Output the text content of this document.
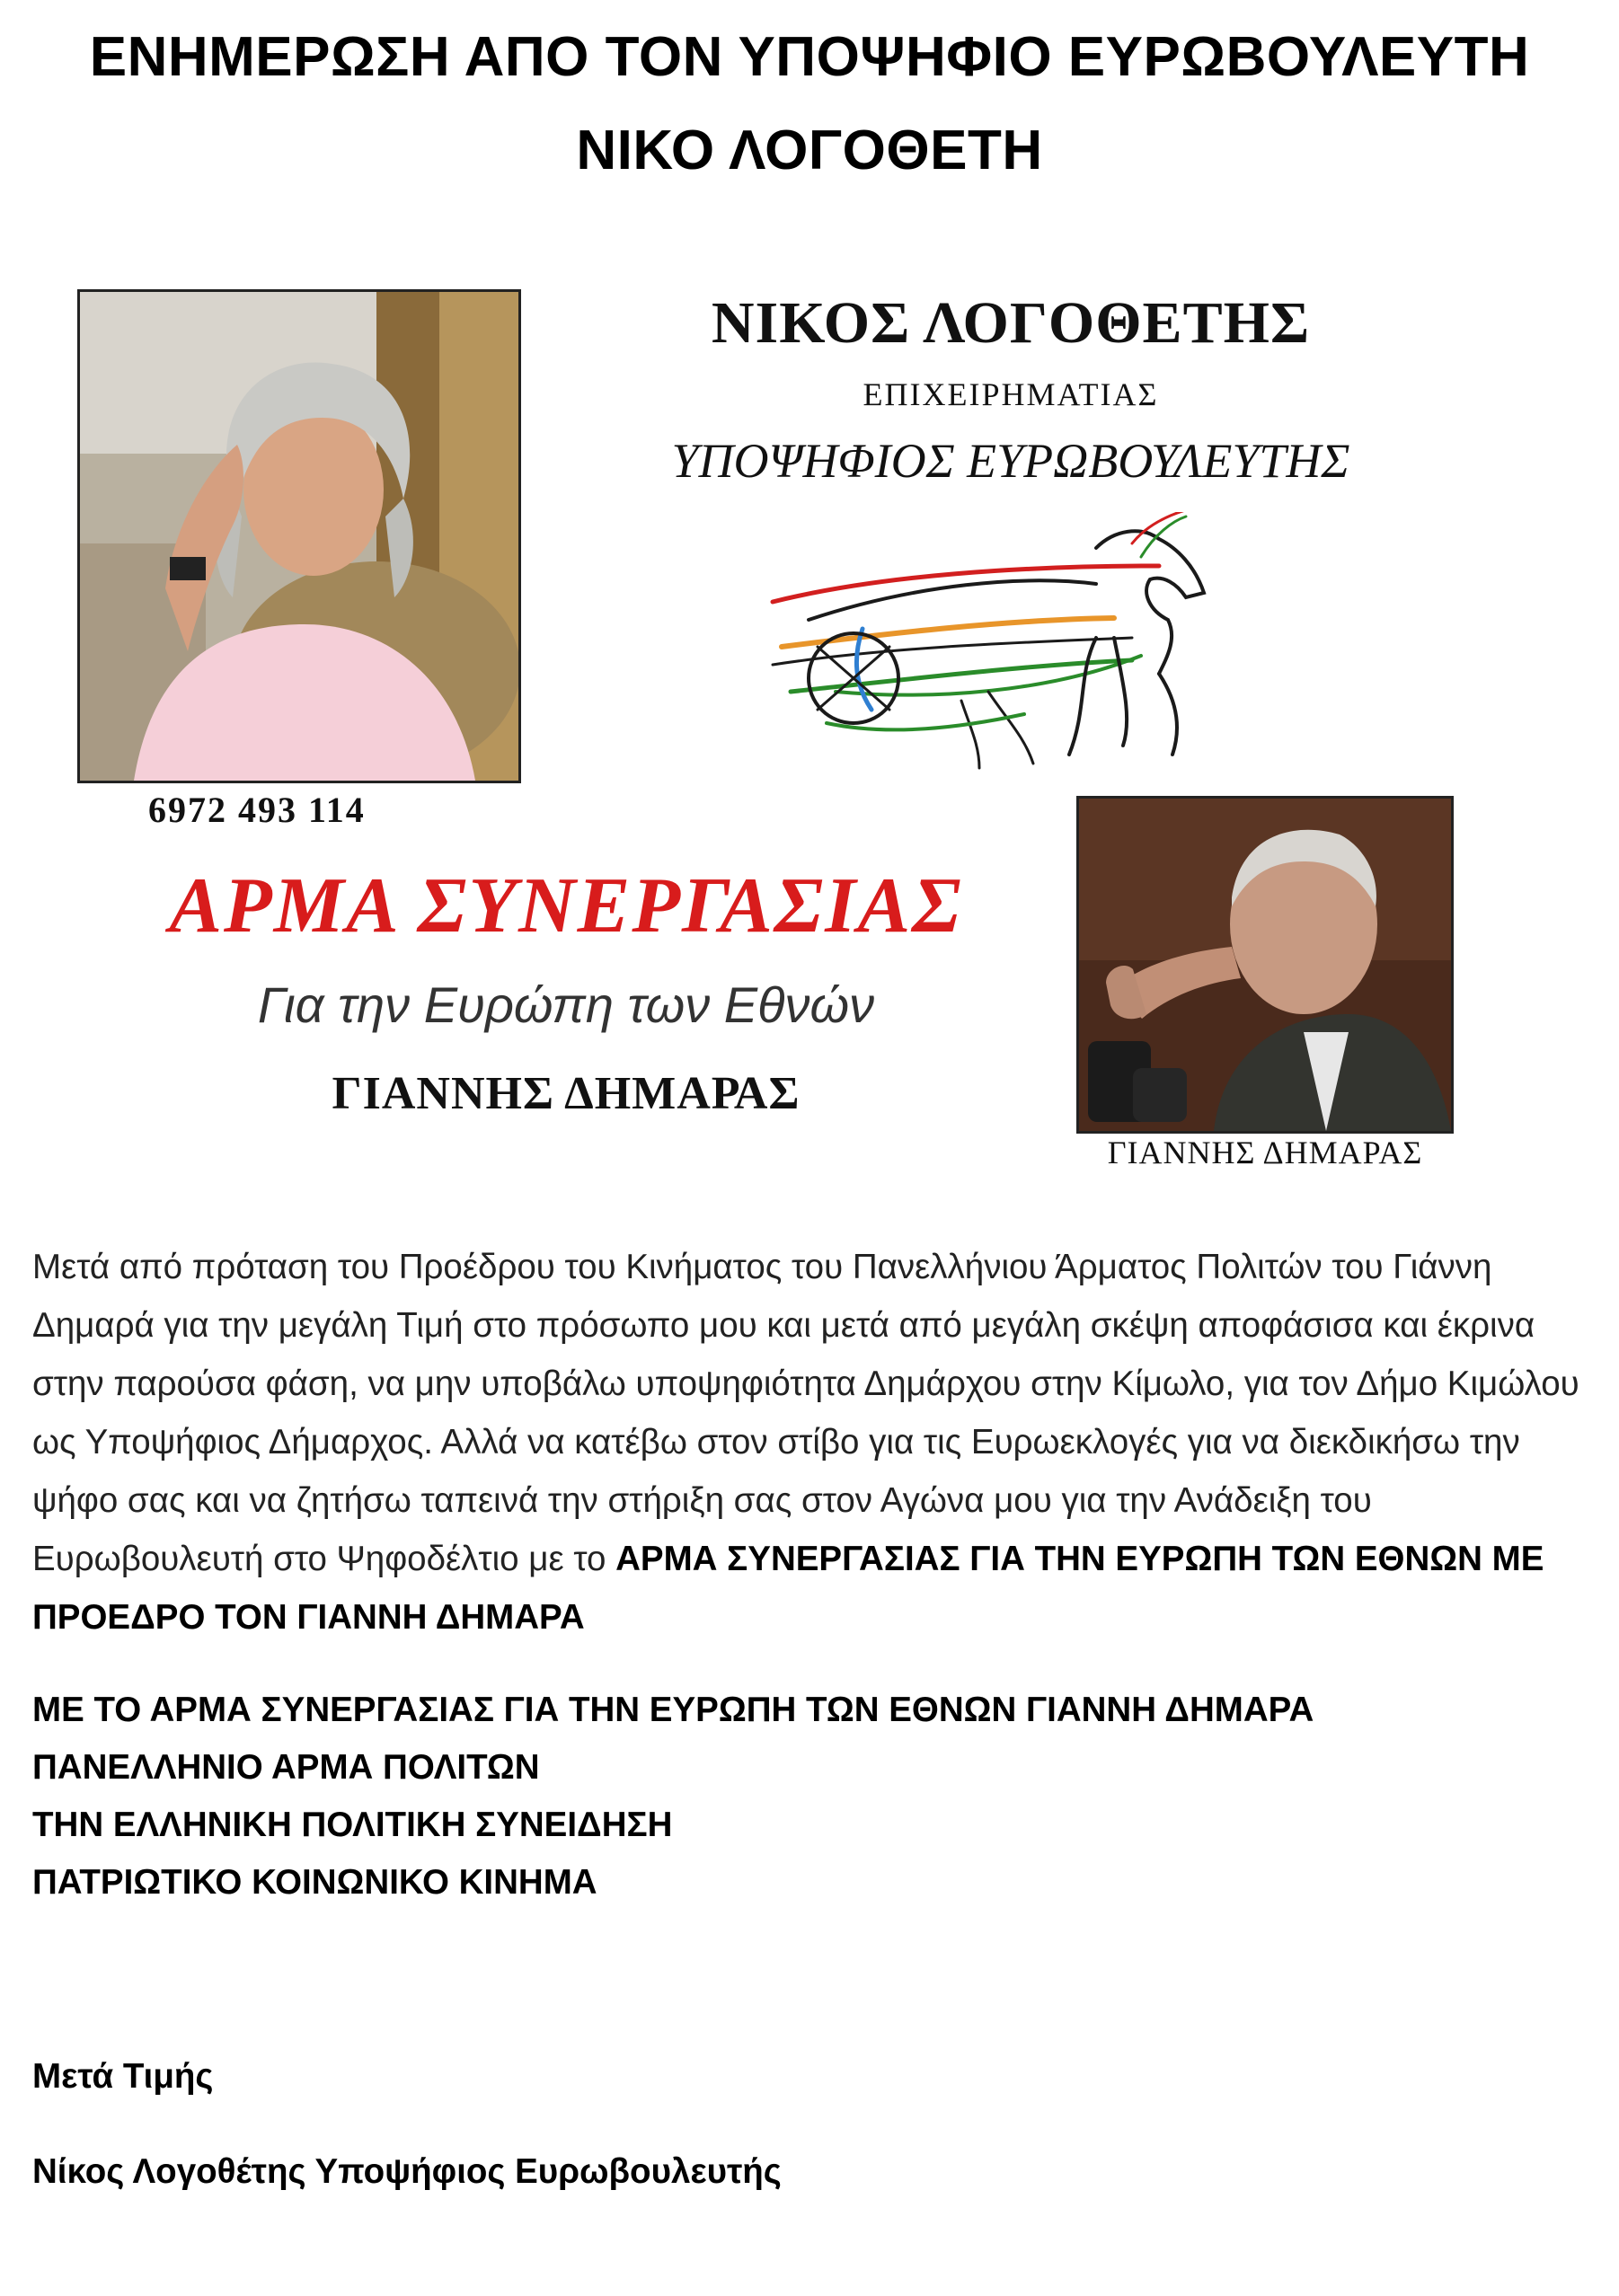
ΕΝΗΜΕΡΩΣΗ ΑΠΟ ΤΟΝ ΥΠΟΨΗΦΙΟ ΕΥΡΩΒΟΥΛΕΥΤΗ
ΝΙΚΟ ΛΟΓΟΘΕΤΗ
ΝΙΚΟΣ ΛΟΓΟΘΕΤΗΣ
ΕΠΙΧΕΙΡΗΜΑΤΙΑΣ
ΥΠΟΨΗΦΙΟΣ ΕΥΡΩΒΟΥΛΕΥΤΗΣ
6972 493 114
ΑΡΜΑ ΣΥΝΕΡΓΑΣΙΑΣ
Για την Ευρώπη των Εθνών
ΓΙΑΝΝΗΣ ΔΗΜΑΡΑΣ
ΓΙΑΝΝΗΣ ΔΗΜΑΡΑΣ
Μετά από πρόταση του Προέδρου του Κινήματος του Πανελλήνιου Άρματος Πολιτών του Γιάννη Δημαρά για την μεγάλη Τιμή στο πρόσωπο μου και μετά από μεγάλη σκέψη αποφάσισα και έκρινα στην παρούσα φάση, να μην υποβάλω υποψηφιότητα Δημάρχου στην Κίμωλο, για τον Δήμο Κιμώλου ως Υποψήφιος Δήμαρχος. Αλλά να κατέβω στον στίβο για τις Ευρωεκλογές για να διεκδικήσω την ψήφο σας και να ζητήσω ταπεινά την στήριξη σας στον Αγώνα μου για την Ανάδειξη του Ευρωβουλευτή στο Ψηφοδέλτιο με το ΑΡΜΑ ΣΥΝΕΡΓΑΣΙΑΣ ΓΙΑ ΤΗΝ ΕΥΡΩΠΗ ΤΩΝ ΕΘΝΩΝ ΜΕ ΠΡΟΕΔΡΟ ΤΟΝ ΓΙΑΝΝΗ ΔΗΜΑΡΑ
ΜΕ ΤΟ ΑΡΜΑ ΣΥΝΕΡΓΑΣΙΑΣ ΓΙΑ ΤΗΝ ΕΥΡΩΠΗ ΤΩΝ ΕΘΝΩΝ ΓΙΑΝΝΗ ΔΗΜΑΡΑ
ΠΑΝΕΛΛΗΝΙΟ ΑΡΜΑ ΠΟΛΙΤΩΝ
ΤΗΝ ΕΛΛΗΝΙΚΗ ΠΟΛΙΤΙΚΗ ΣΥΝΕΙΔΗΣΗ
ΠΑΤΡΙΩΤΙΚΟ ΚΟΙΝΩΝΙΚΟ ΚΙΝΗΜΑ
Μετά Τιμής
Νίκος Λογοθέτης Υποψήφιος Ευρωβουλευτής
